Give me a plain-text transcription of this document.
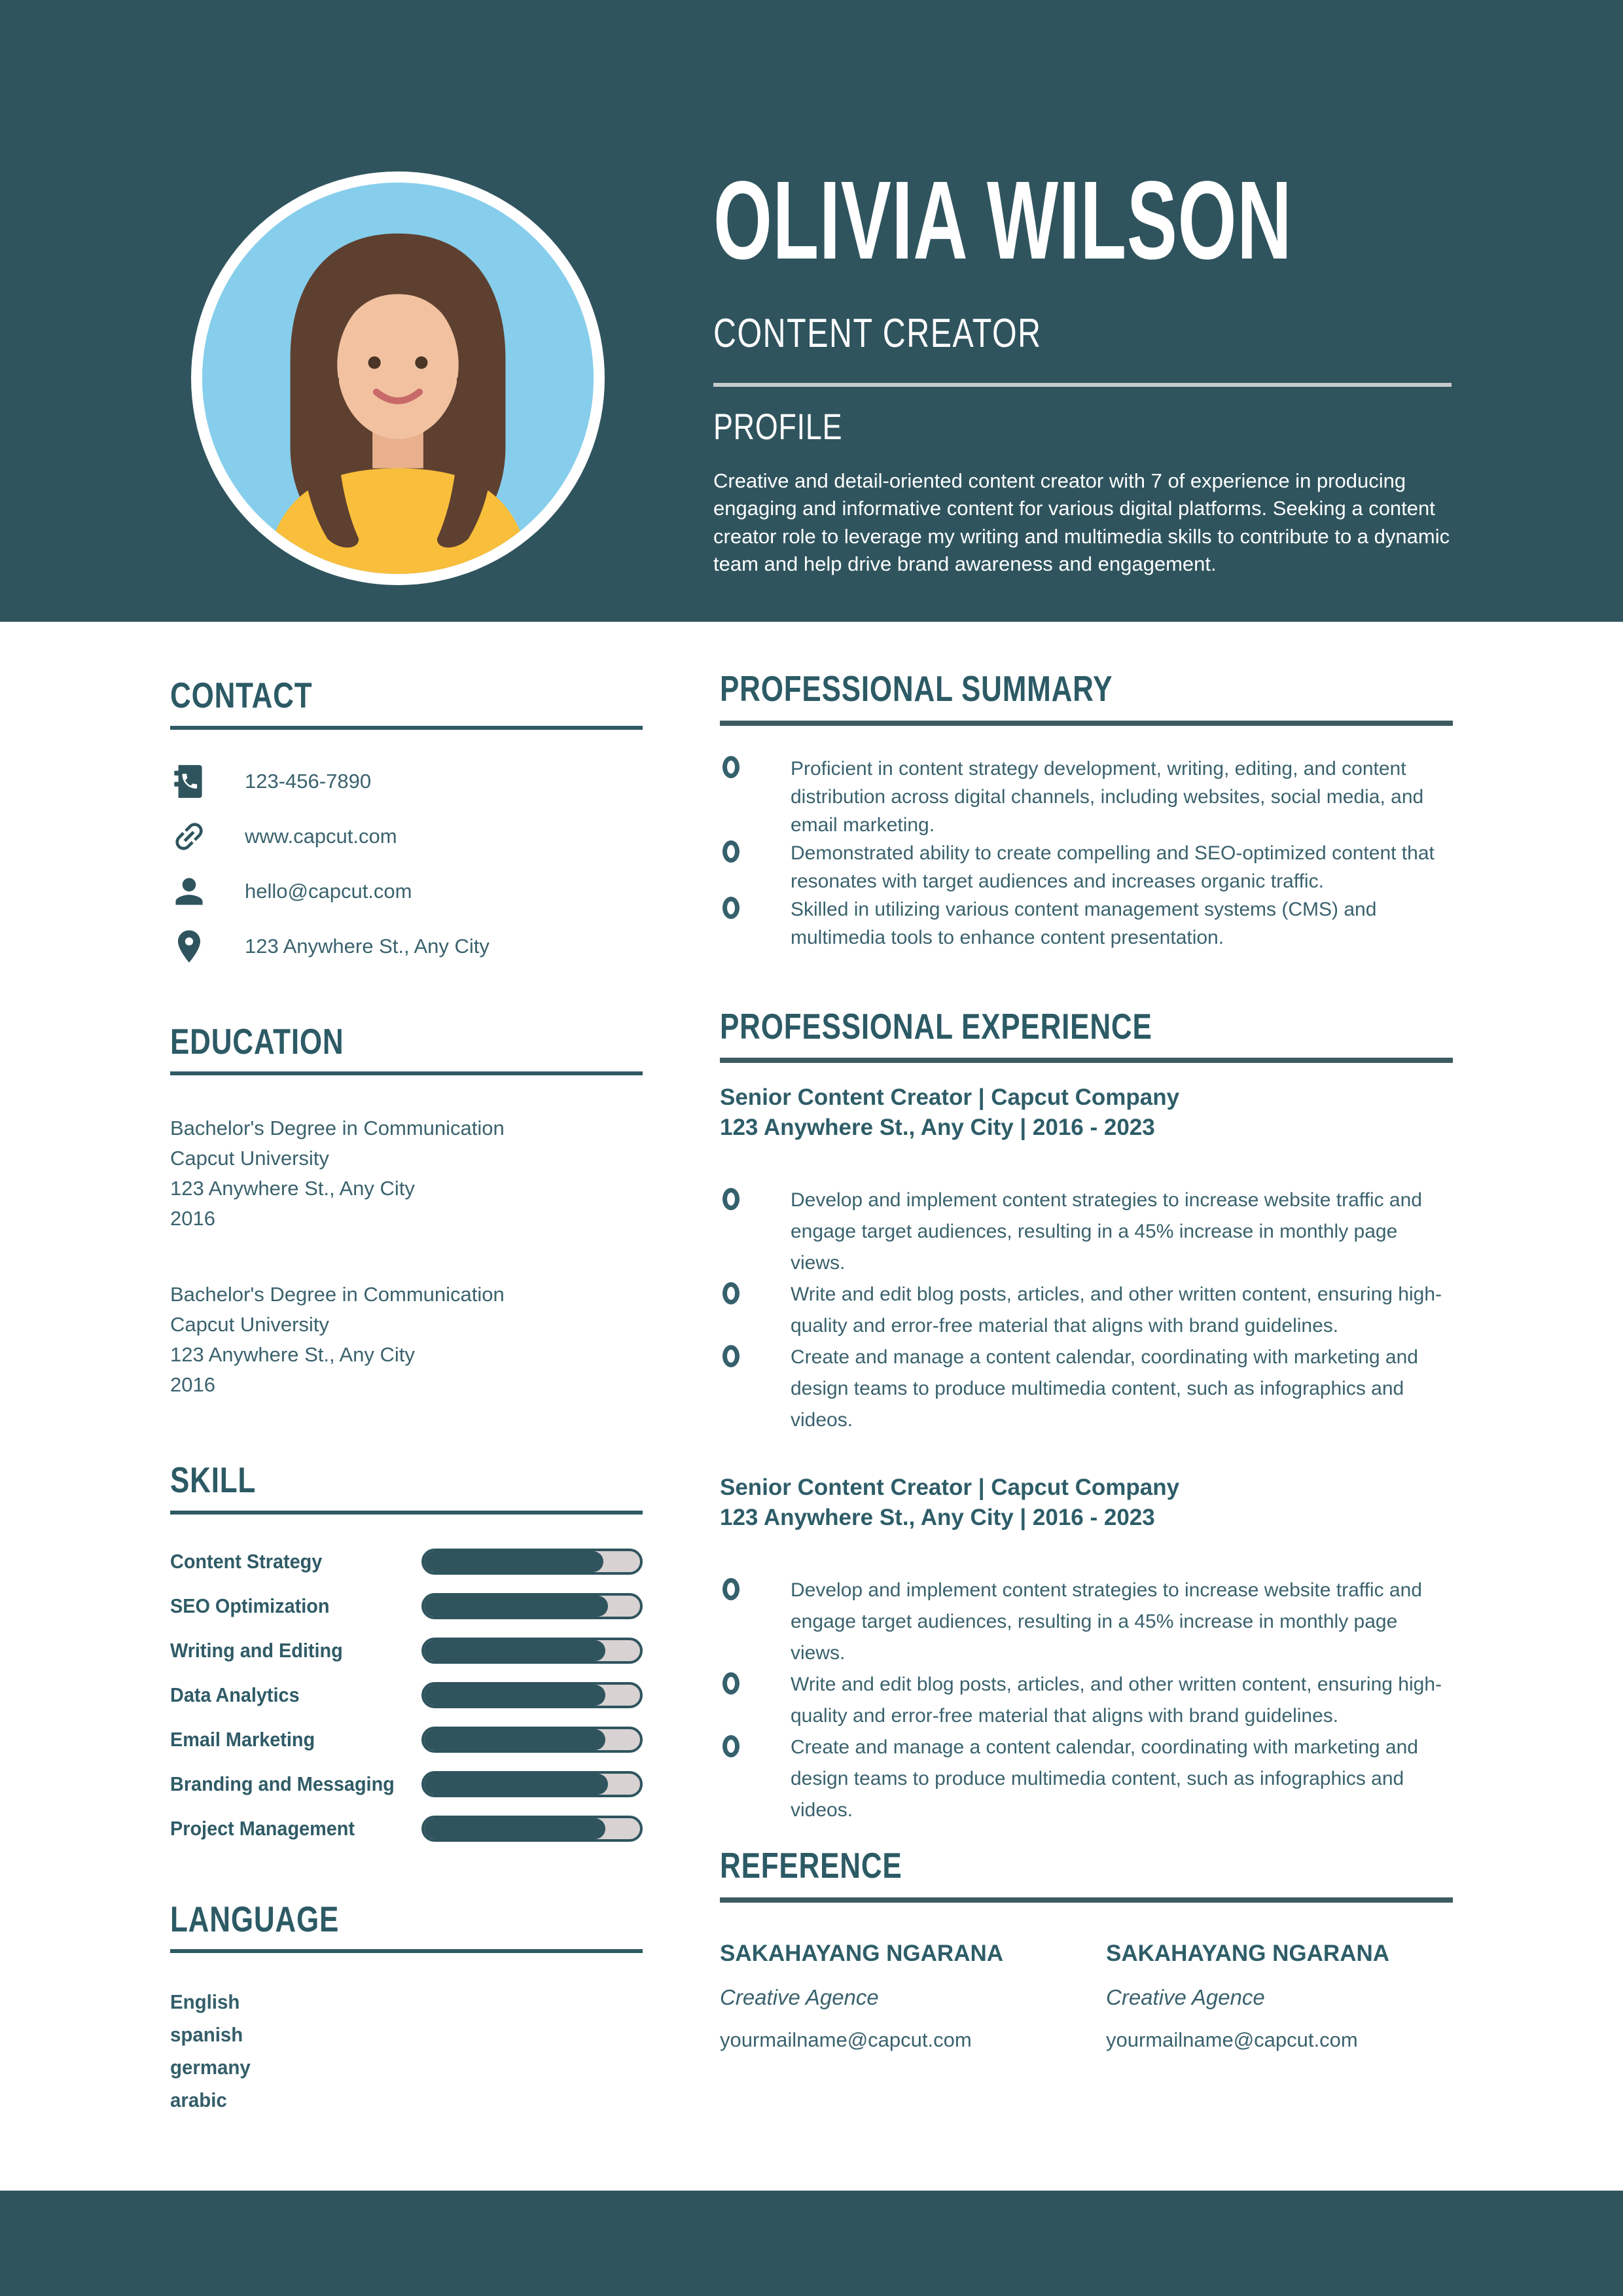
OLIVIA WILSON
CONTENT CREATOR
PROFILE

Creative and detail-oriented content creator with 7 of experience in producing engaging and informative content for various digital platforms. Seeking a content creator role to leverage my writing and multimedia skills to contribute to a dynamic team and help drive brand awareness and engagement.

CONTACT
123-456-7890
www.capcut.com
hello@capcut.com
123 Anywhere St., Any City
EDUCATION
Bachelor's Degree in Communication
Capcut University
123 Anywhere St., Any City
2016
Bachelor's Degree in Communication
Capcut University
123 Anywhere St., Any City
2016
SKILL
Content Strategy
SEO Optimization
Writing and Editing
Data Analytics
Email Marketing
Branding and Messaging
Project Management
LANGUAGE
English
spanish
germany
arabic
PROFESSIONAL SUMMARY
Proficient in content strategy development, writing, editing, and content distribution across digital channels, including websites, social media, and email marketing.
Demonstrated ability to create compelling and SEO-optimized content that resonates with target audiences and increases organic traffic.
Skilled in utilizing various content management systems (CMS) and multimedia tools to enhance content presentation.
PROFESSIONAL EXPERIENCE
Senior Content Creator | Capcut Company
123 Anywhere St., Any City | 2016 - 2023
Develop and implement content strategies to increase website traffic and engage target audiences, resulting in a 45% increase in monthly page views.
Write and edit blog posts, articles, and other written content, ensuring high-quality and error-free material that aligns with brand guidelines.
Create and manage a content calendar, coordinating with marketing and design teams to produce multimedia content, such as infographics and videos.
Senior Content Creator | Capcut Company
123 Anywhere St., Any City | 2016 - 2023
Develop and implement content strategies to increase website traffic and engage target audiences, resulting in a 45% increase in monthly page views.
Write and edit blog posts, articles, and other written content, ensuring high-quality and error-free material that aligns with brand guidelines.
Create and manage a content calendar, coordinating with marketing and design teams to produce multimedia content, such as infographics and videos.
REFERENCE
SAKAHAYANG NGARANA
Creative Agence
yourmailname@capcut.com
SAKAHAYANG NGARANA
Creative Agence
yourmailname@capcut.com
